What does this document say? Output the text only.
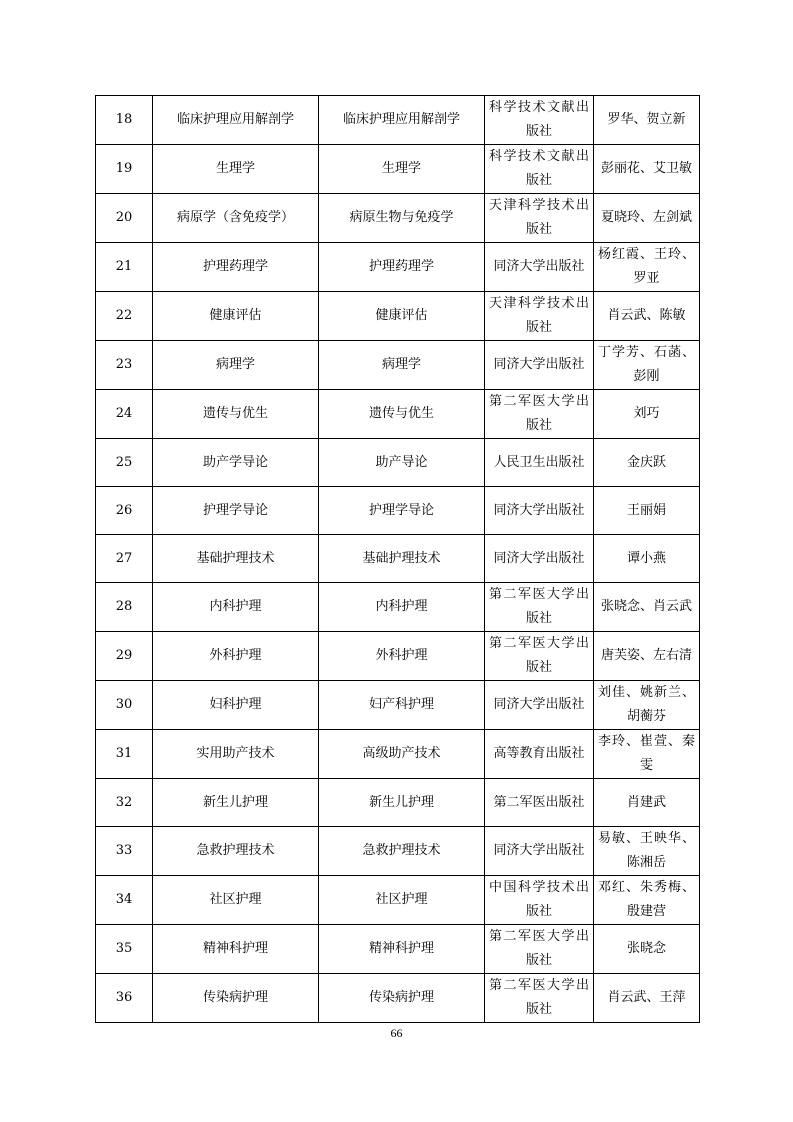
18	临床护理应用解剖学	临床护理应用解剖学	科学技术文献出版社	罗华、贺立新
19	生理学	生理学	科学技术文献出版社	彭丽花、艾卫敏
20	病原学（含免疫学）	病原生物与免疫学	天津科学技术出版社	夏晓玲、左剑斌
21	护理药理学	护理药理学	同济大学出版社	杨红霞、王玲、罗亚
22	健康评估	健康评估	天津科学技术出版社	肖云武、陈敏
23	病理学	病理学	同济大学出版社	丁学芳、石菡、彭刚
24	遗传与优生	遗传与优生	第二军医大学出版社	刘巧
25	助产学导论	助产导论	人民卫生出版社	金庆跃
26	护理学导论	护理学导论	同济大学出版社	王丽娟
27	基础护理技术	基础护理技术	同济大学出版社	谭小燕
28	内科护理	内科护理	第二军医大学出版社	张晓念、肖云武
29	外科护理	外科护理	第二军医大学出版社	唐芙姿、左右清
30	妇科护理	妇产科护理	同济大学出版社	刘佳、姚新兰、胡蘅芬
31	实用助产技术	高级助产技术	高等教育出版社	李玲、崔萱、秦雯
32	新生儿护理	新生儿护理	第二军医出版社	肖建武
33	急救护理技术	急救护理技术	同济大学出版社	易敏、王映华、陈湘岳
34	社区护理	社区护理	中国科学技术出版社	邓红、朱秀梅、殷建营
35	精神科护理	精神科护理	第二军医大学出版社	张晓念
36	传染病护理	传染病护理	第二军医大学出版社	肖云武、王萍
66
